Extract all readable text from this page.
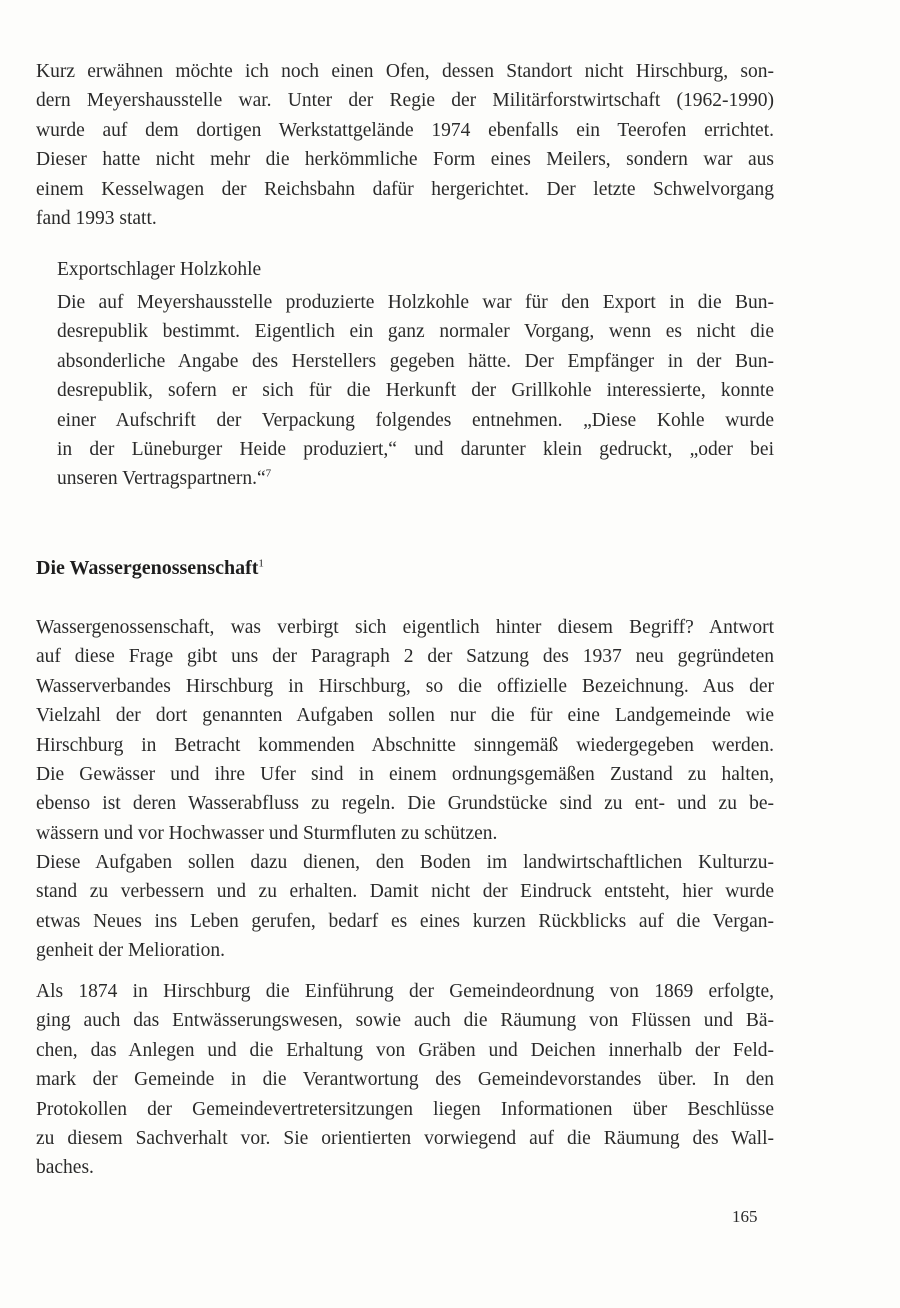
Kurz erwähnen möchte ich noch einen Ofen, dessen Standort nicht Hirschburg, son-
dern Meyershausstelle war. Unter der Regie der Militärforstwirtschaft (1962-1990)
wurde auf dem dortigen Werkstattgelände 1974 ebenfalls ein Teerofen errichtet.
Dieser hatte nicht mehr die herkömmliche Form eines Meilers, sondern war aus
einem Kesselwagen der Reichsbahn dafür hergerichtet. Der letzte Schwelvorgang
fand 1993 statt.

Exportschlager Holzkohle

Die auf Meyershausstelle produzierte Holzkohle war für den Export in die Bun-
desrepublik bestimmt. Eigentlich ein ganz normaler Vorgang, wenn es nicht die
absonderliche Angabe des Herstellers gegeben hätte. Der Empfänger in der Bun-
desrepublik, sofern er sich für die Herkunft der Grillkohle interessierte, konnte
einer Aufschrift der Verpackung folgendes entnehmen. „Diese Kohle wurde
in der Lüneburger Heide produziert,“ und darunter klein gedruckt, „oder bei
unseren Vertragspartnern.“$^7$
Die Wassergenossenschaft$^1$
Wassergenossenschaft, was verbirgt sich eigentlich hinter diesem Begriff? Antwort
auf diese Frage gibt uns der Paragraph 2 der Satzung des 1937 neu gegründeten
Wasserverbandes Hirschburg in Hirschburg, so die offizielle Bezeichnung. Aus der
Vielzahl der dort genannten Aufgaben sollen nur die für eine Landgemeinde wie
Hirschburg in Betracht kommenden Abschnitte sinngemäß wiedergegeben werden.
Die Gewässer und ihre Ufer sind in einem ordnungsgemäßen Zustand zu halten,
ebenso ist deren Wasserabfluss zu regeln. Die Grundstücke sind zu ent- und zu be-
wässern und vor Hochwasser und Sturmfluten zu schützen.
Diese Aufgaben sollen dazu dienen, den Boden im landwirtschaftlichen Kulturzu-
stand zu verbessern und zu erhalten. Damit nicht der Eindruck entsteht, hier wurde
etwas Neues ins Leben gerufen, bedarf es eines kurzen Rückblicks auf die Vergan-
genheit der Melioration.
Als 1874 in Hirschburg die Einführung der Gemeindeordnung von 1869 erfolgte,
ging auch das Entwässerungswesen, sowie auch die Räumung von Flüssen und Bä-
chen, das Anlegen und die Erhaltung von Gräben und Deichen innerhalb der Feld-
mark der Gemeinde in die Verantwortung des Gemeindevorstandes über. In den
Protokollen der Gemeindevertretersitzungen liegen Informationen über Beschlüsse
zu diesem Sachverhalt vor. Sie orientierten vorwiegend auf die Räumung des Wall-
baches.

165
